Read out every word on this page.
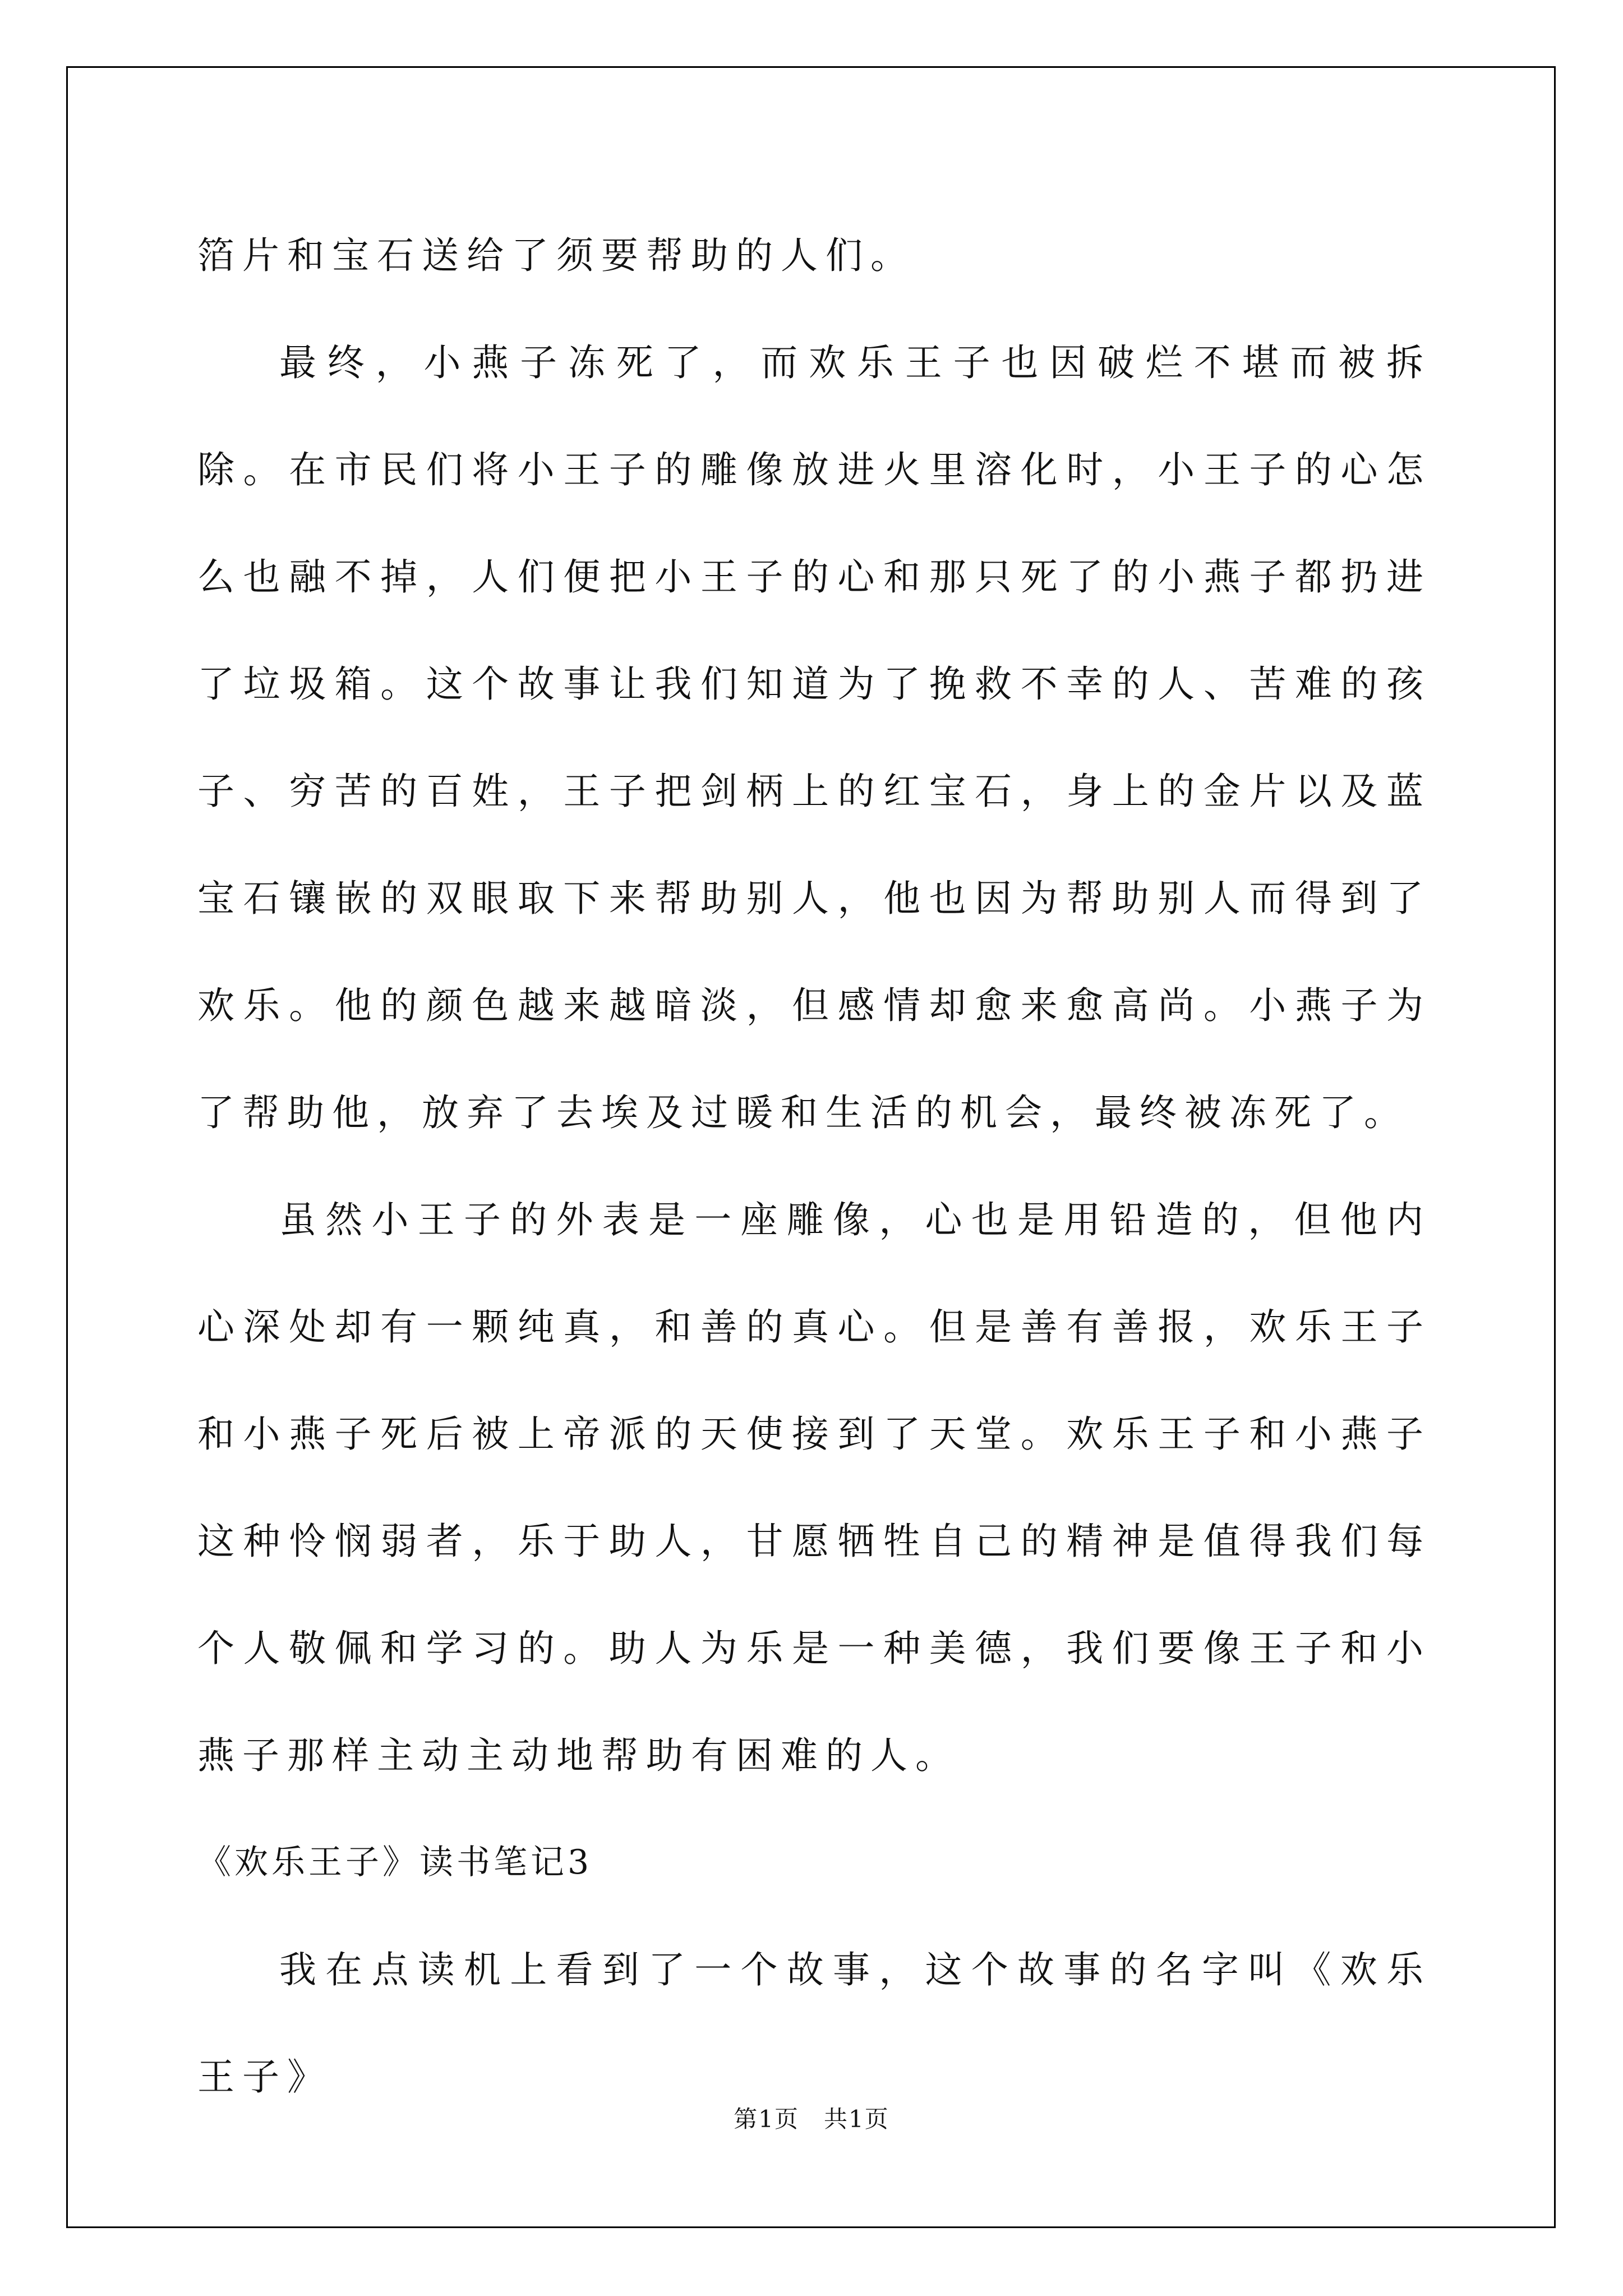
箔片和宝石送给了须要帮助的人们。

最终，小燕子冻死了，而欢乐王子也因破烂不堪而被拆除。在市民们将小王子的雕像放进火里溶化时，小王子的心怎么也融不掉，人们便把小王子的心和那只死了的小燕子都扔进了垃圾箱。这个故事让我们知道为了挽救不幸的人、苦难的孩子、穷苦的百姓，王子把剑柄上的红宝石，身上的金片以及蓝宝石镶嵌的双眼取下来帮助别人，他也因为帮助别人而得到了欢乐。他的颜色越来越暗淡，但感情却愈来愈高尚。小燕子为了帮助他，放弃了去埃及过暖和生活的机会，最终被冻死了。

虽然小王子的外表是一座雕像，心也是用铅造的，但他内心深处却有一颗纯真，和善的真心。但是善有善报，欢乐王子和小燕子死后被上帝派的天使接到了天堂。欢乐王子和小燕子这种怜悯弱者，乐于助人，甘愿牺牲自己的精神是值得我们每个人敬佩和学习的。助人为乐是一种美德，我们要像王子和小燕子那样主动主动地帮助有困难的人。

《欢乐王子》读书笔记3

我在点读机上看到了一个故事，这个故事的名字叫《欢乐王子》

第1页 共1页
